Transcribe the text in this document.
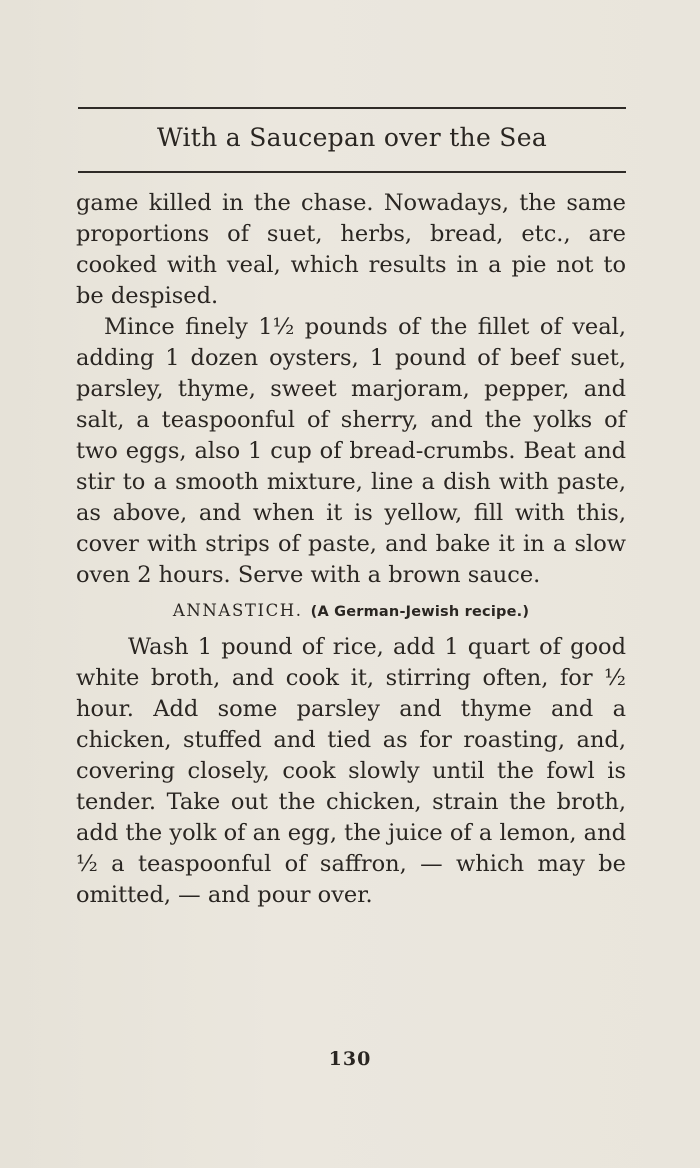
With a Saucepan over the Sea

game killed in the chase. Nowadays, the same proportions of suet, herbs, bread, etc., are cooked with veal, which results in a pie not to be despised.

Mince finely 1½ pounds of the fillet of veal, adding 1 dozen oysters, 1 pound of beef suet, parsley, thyme, sweet marjoram, pepper, and salt, a teaspoonful of sherry, and the yolks of two eggs, also 1 cup of bread-crumbs. Beat and stir to a smooth mixture, line a dish with paste, as above, and when it is yellow, fill with this, cover with strips of paste, and bake it in a slow oven 2 hours. Serve with a brown sauce.

ANNASTICH. (A German-Jewish recipe.)

Wash 1 pound of rice, add 1 quart of good white broth, and cook it, stirring often, for ½ hour. Add some parsley and thyme and a chicken, stuffed and tied as for roasting, and, covering closely, cook slowly until the fowl is tender. Take out the chicken, strain the broth, add the yolk of an egg, the juice of a lemon, and ½ a teaspoonful of saffron, — which may be omitted, — and pour over.

130
